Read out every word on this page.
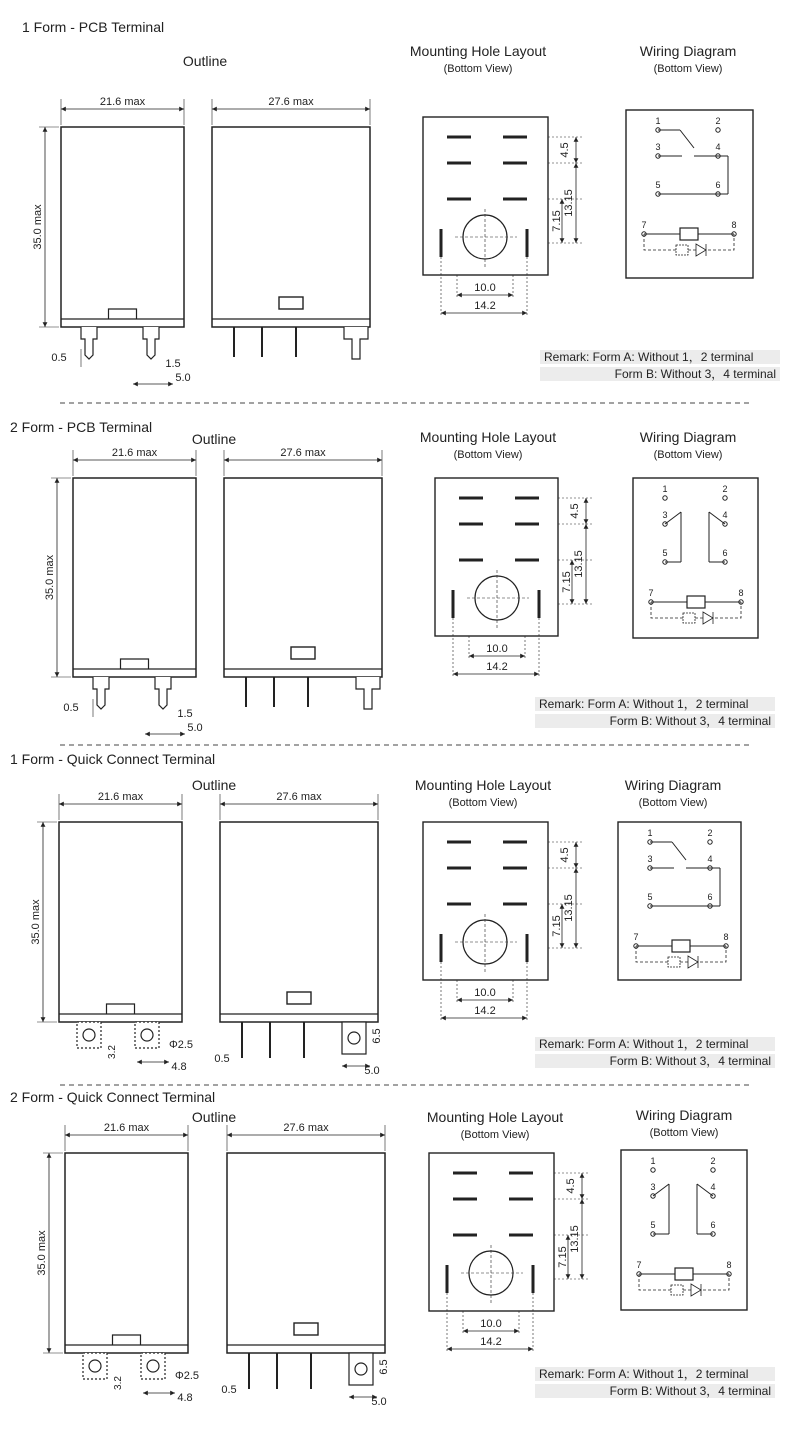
1 Form - PCB Terminal
Outline
21.6 max
35.0 max
0.5	1.5
5.0
27.6 max
Mounting Hole Layout
(Bottom View)
4.5
13.15
7.15
10.0
14.2
Wiring Diagram
(Bottom View)
1	2
3	4
5	6
7	8
Remark: Form A: Without 1，2 terminal
Form B: Without 3，4 terminal
2 Form - PCB Terminal
Outline
21.6 max
35.0 max
0.5	1.5
5.0
27.6 max
Mounting Hole Layout
(Bottom View)
4.5
13.15
7.15
10.0
14.2
Wiring Diagram
(Bottom View)
1	2
3	4
5	6
7	8
Remark: Form A: Without 1，2 terminal
Form B: Without 3，4 terminal
1 Form - Quick Connect Terminal
Outline
21.6 max
35.0 max
3.2
Φ2.5
4.8
27.6 max
6.5
5.0
0.5
Mounting Hole Layout
(Bottom View)
4.5
13.15
7.15
10.0
14.2
Wiring Diagram
(Bottom View)
1	2
3	4
5	6
7	8
Remark: Form A: Without 1，2 terminal
Form B: Without 3，4 terminal
2 Form - Quick Connect Terminal
Outline
21.6 max
35.0 max
3.2
Φ2.5
4.8
27.6 max
6.5
5.0
0.5
Mounting Hole Layout
(Bottom View)
4.5
13.15
7.15
10.0
14.2
Wiring Diagram
(Bottom View)
1	2
3	4
5	6
7	8
Remark: Form A: Without 1，2 terminal
Form B: Without 3，4 terminal
